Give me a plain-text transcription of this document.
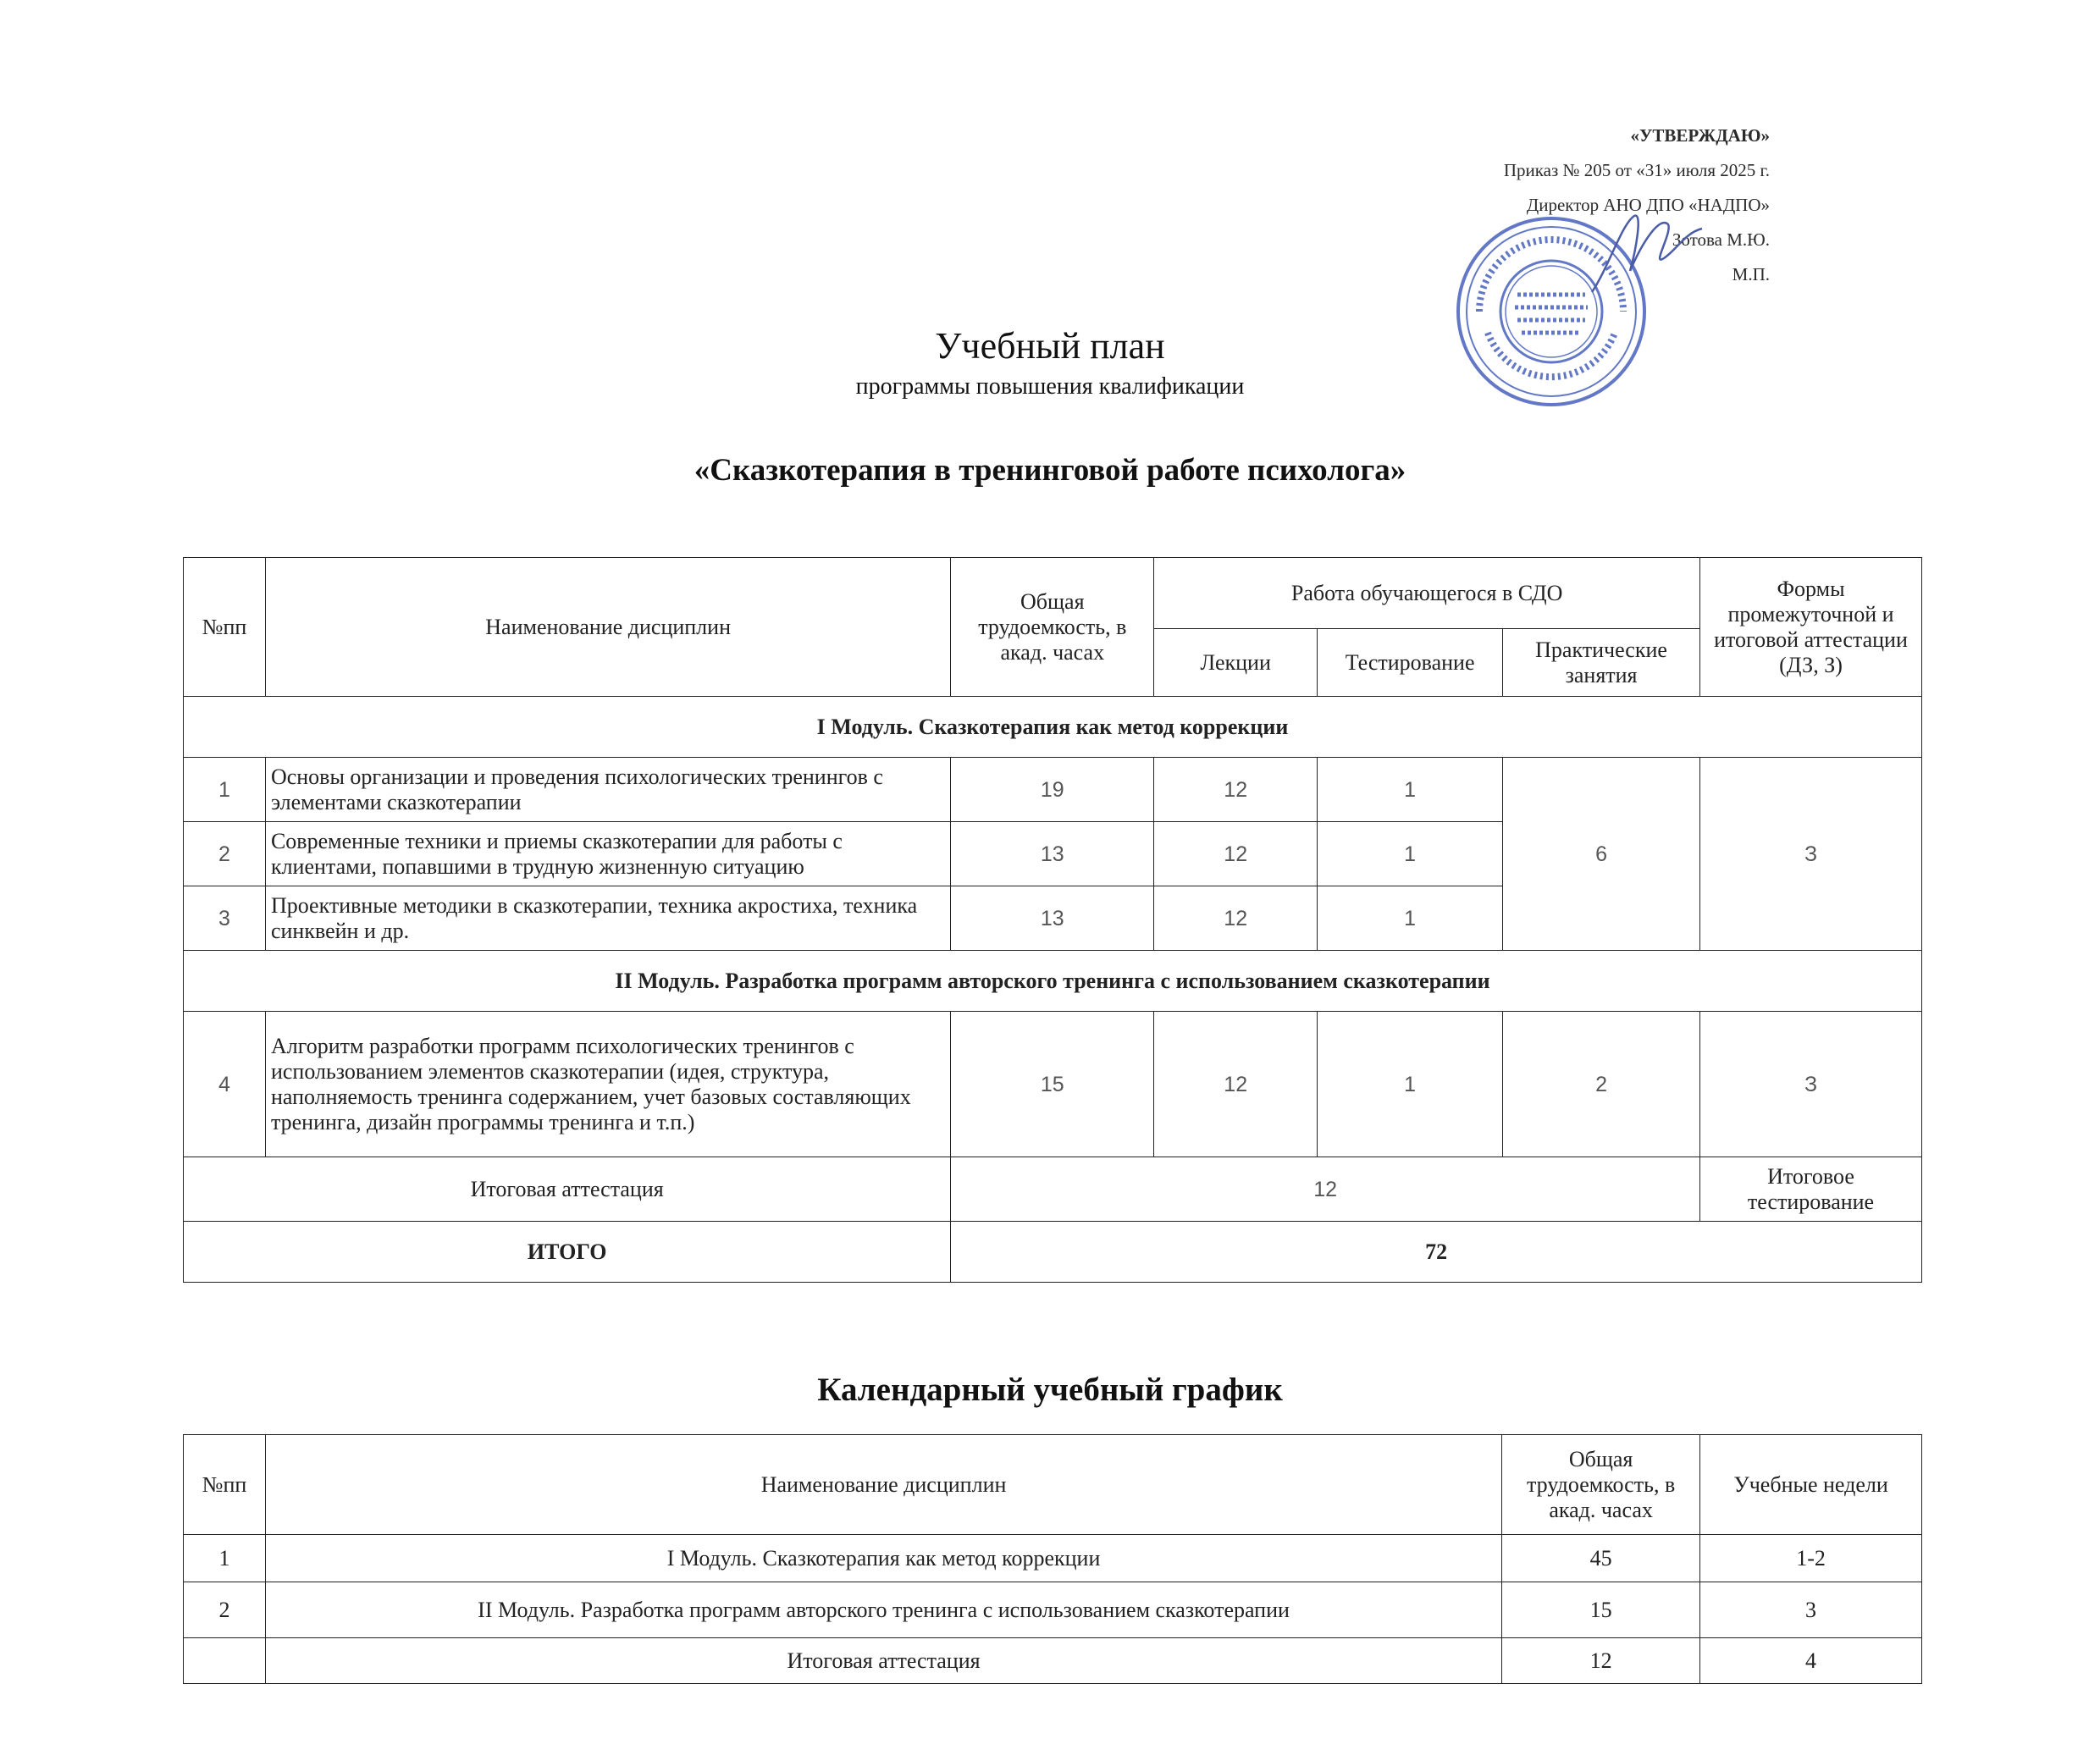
«УТВЕРЖДАЮ»
Приказ № 205 от «31» июля 2025 г.
Директор АНО ДПО «НАДПО»
Зотова М.Ю.
М.П.
Учебный план
программы повышения квалификации
«Сказкотерапия в тренинговой работе психолога»
№пп	Наименование дисциплин	Общая трудоемкость, в акад. часах	Работа обучающегося в СДО			Формы промежуточной и итоговой аттестации (ДЗ, З)
			Лекции	Тестирование	Практические занятия	
I Модуль. Сказкотерапия как метод коррекции						
1	Основы организации и проведения психологических тренингов с элементами сказкотерапии	19	12	1	6	З
2	Современные техники и приемы сказкотерапии для работы с клиентами, попавшими в трудную жизненную ситуацию	13	12	1		
3	Проективные методики в сказкотерапии, техника акростиха, техника синквейн и др.	13	12	1		
II Модуль. Разработка программ авторского тренинга с использованием сказкотерапии						
4	Алгоритм разработки программ психологических тренингов с использованием элементов сказкотерапии (идея, структура, наполняемость тренинга содержанием, учет базовых составляющих тренинга, дизайн программы тренинга и т.п.)	15	12	1	2	З
Итоговая аттестация		12				Итоговое тестирование
ИТОГО		72				
Календарный учебный график
№пп	Наименование дисциплин	Общая трудоемкость, в акад. часах	Учебные недели
1	I Модуль. Сказкотерапия как метод коррекции	45	1-2
2	II Модуль. Разработка программ авторского тренинга с использованием сказкотерапии	15	3
	Итоговая аттестация	12	4
